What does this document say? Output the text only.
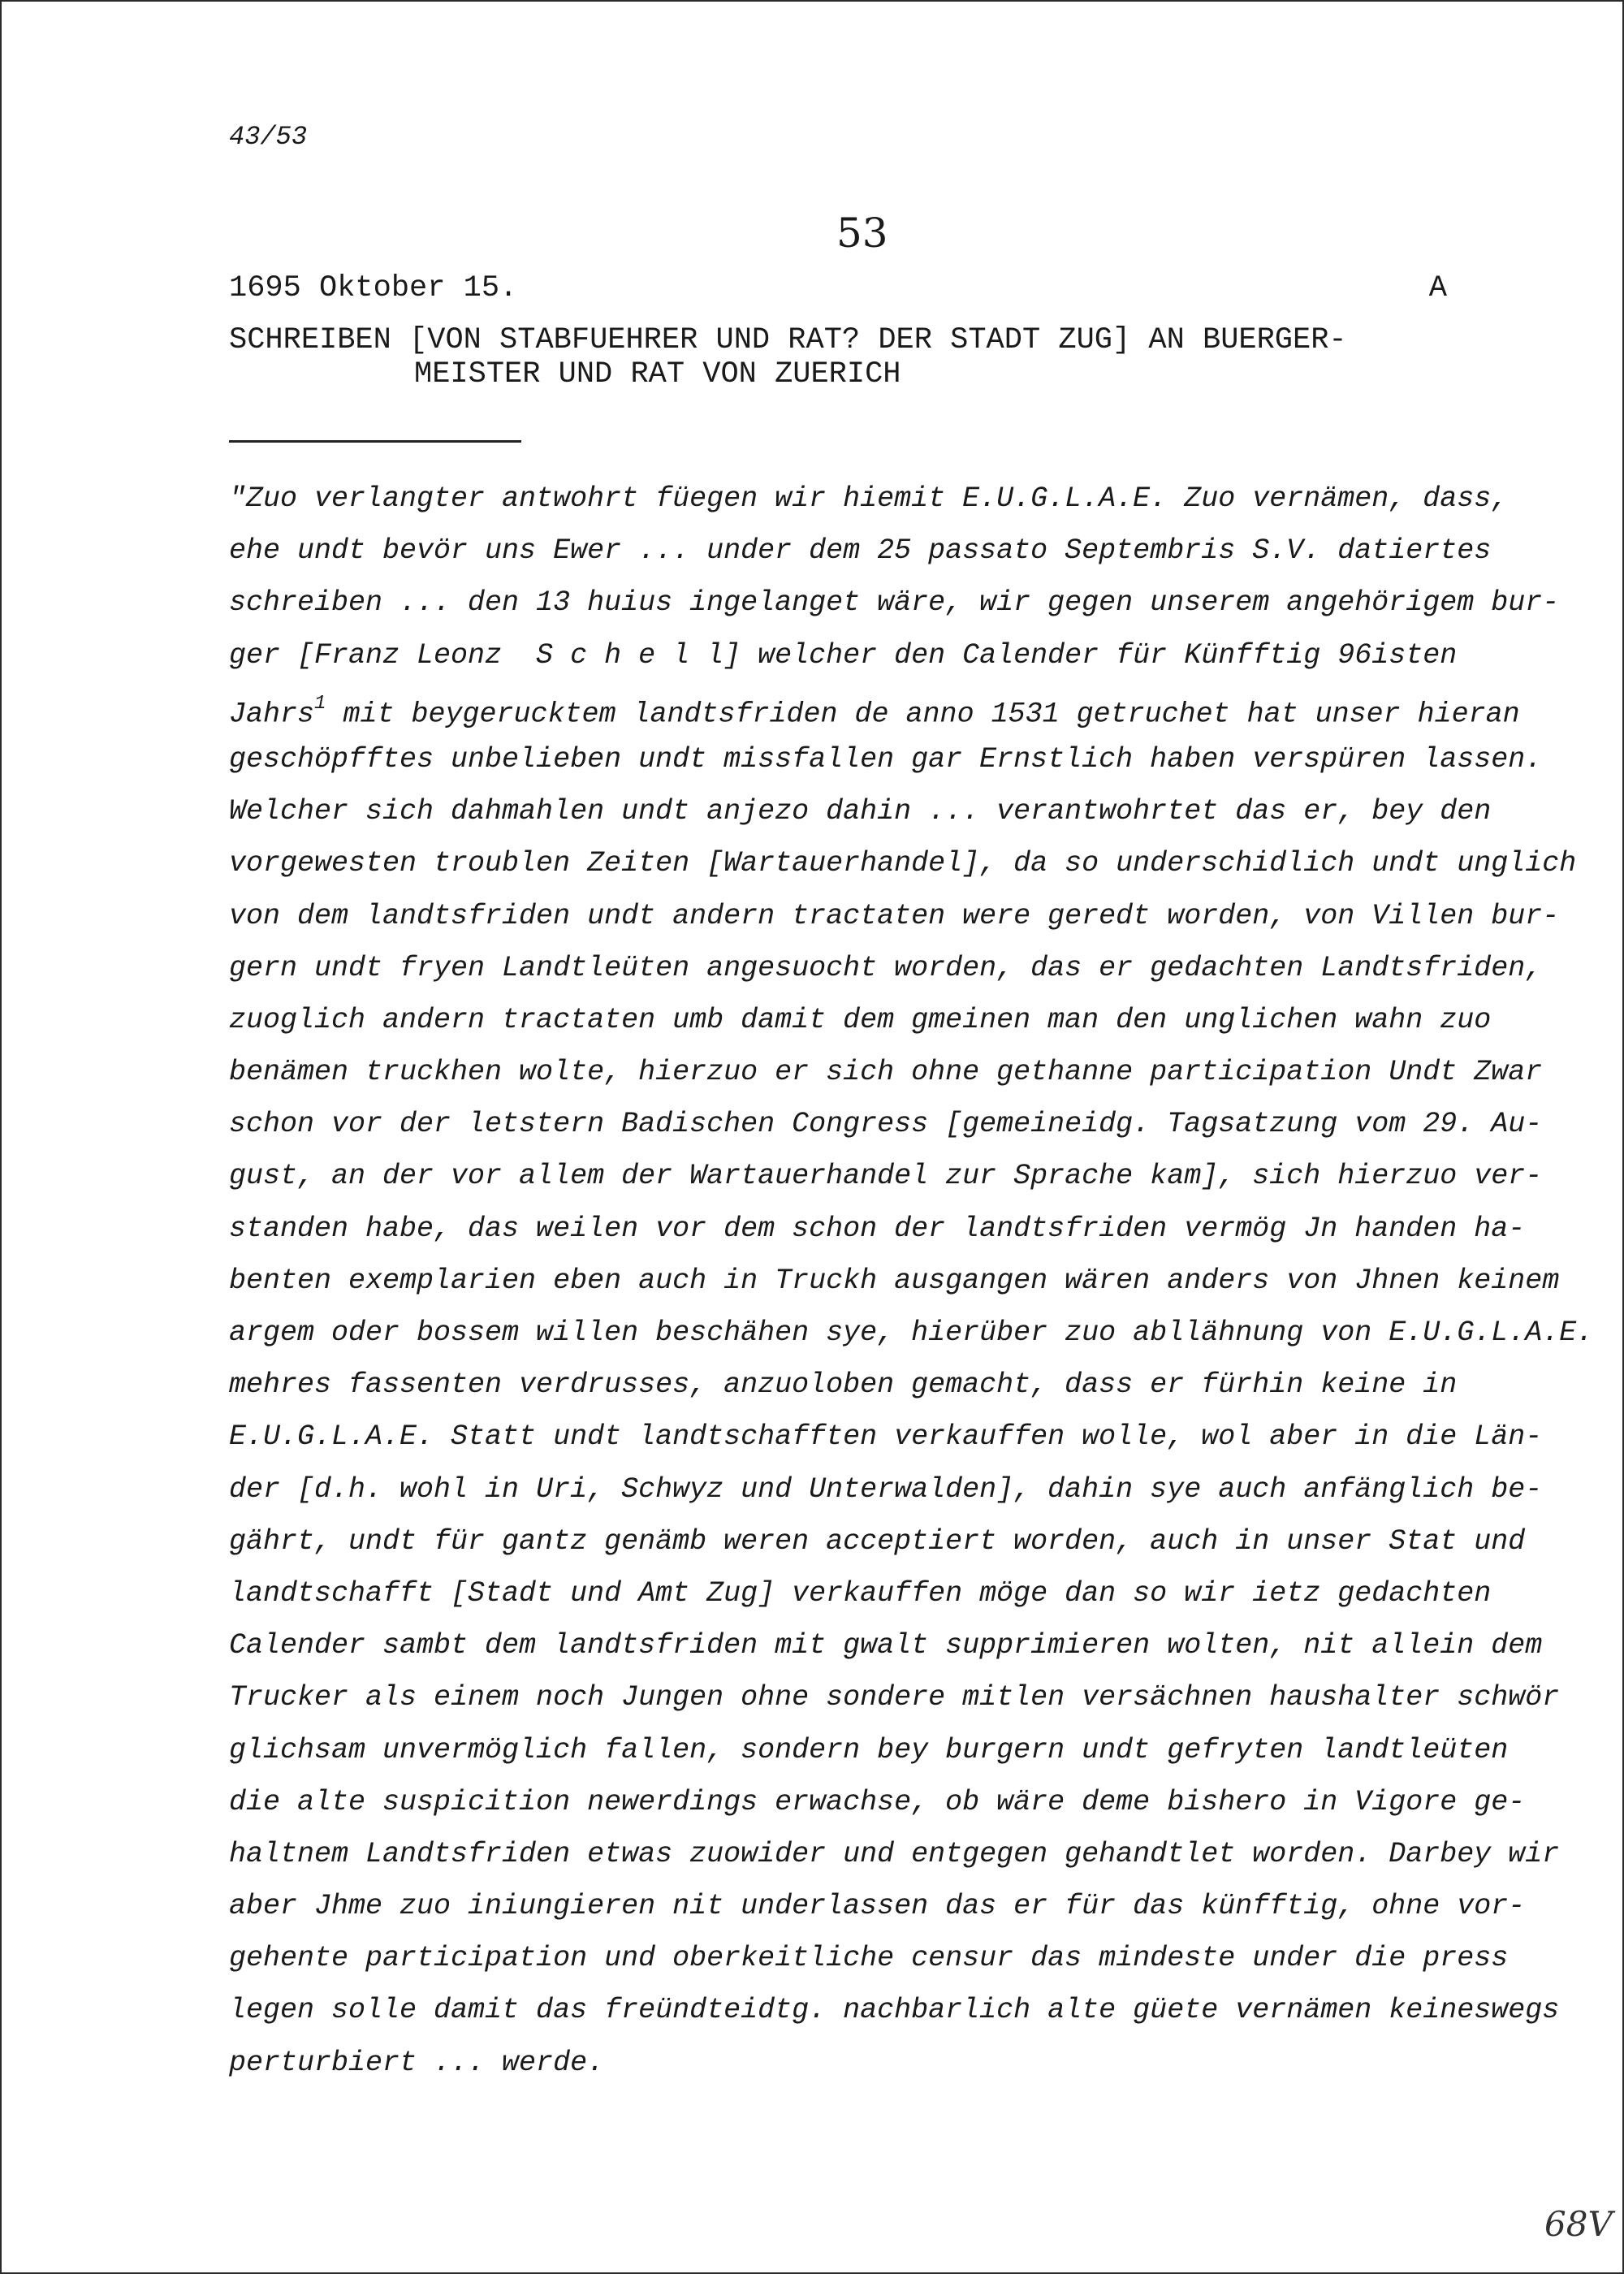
43/53
53
1695 Oktober 15.	A
SCHREIBEN [VON STABFUEHRER UND RAT? DER STADT ZUG] AN BUERGER-
MEISTER UND RAT VON ZUERICH
"Zuo verlangter antwohrt füegen wir hiemit E.U.G.L.A.E. Zuo vernämen, dass,
ehe undt bevör uns Ewer ... under dem 25 passato Septembris S.V. datiertes
schreiben ... den 13 huius ingelanget wäre, wir gegen unserem angehörigem bur-
ger [Franz Leonz  S c h e l l] welcher den Calender für Künfftig 96isten
Jahrs$^1$ mit beygerucktem landtsfriden de anno 1531 getruchet hat unser hieran
geschöpfftes unbelieben undt missfallen gar Ernstlich haben verspüren lassen.
Welcher sich dahmahlen undt anjezo dahin ... verantwohrtet das er, bey den
vorgewesten troublen Zeiten [Wartauerhandel], da so underschidlich undt unglich
von dem landtsfriden undt andern tractaten were geredt worden, von Villen bur-
gern undt fryen Landtleüten angesuocht worden, das er gedachten Landtsfriden,
zuoglich andern tractaten umb damit dem gmeinen man den unglichen wahn zuo
benämen truckhen wolte, hierzuo er sich ohne gethanne participation Undt Zwar
schon vor der letstern Badischen Congress [gemeineidg. Tagsatzung vom 29. Au-
gust, an der vor allem der Wartauerhandel zur Sprache kam], sich hierzuo ver-
standen habe, das weilen vor dem schon der landtsfriden vermög Jn handen ha-
benten exemplarien eben auch in Truckh ausgangen wären anders von Jhnen keinem
argem oder bossem willen beschähen sye, hierüber zuo abllähnung von E.U.G.L.A.E.
mehres fassenten verdrusses, anzuoloben gemacht, dass er fürhin keine in
E.U.G.L.A.E. Statt undt landtschafften verkauffen wolle, wol aber in die Län-
der [d.h. wohl in Uri, Schwyz und Unterwalden], dahin sye auch anfänglich be-
gährt, undt für gantz genämb weren acceptiert worden, auch in unser Stat und
landtschafft [Stadt und Amt Zug] verkauffen möge dan so wir ietz gedachten
Calender sambt dem landtsfriden mit gwalt supprimieren wolten, nit allein dem
Trucker als einem noch Jungen ohne sondere mitlen versächnen haushalter schwör
glichsam unvermöglich fallen, sondern bey burgern undt gefryten landtleüten
die alte suspicition newerdings erwachse, ob wäre deme bishero in Vigore ge-
haltnem Landtsfriden etwas zuowider und entgegen gehandtlet worden. Darbey wir
aber Jhme zuo iniungieren nit underlassen das er für das künfftig, ohne vor-
gehente participation und oberkeitliche censur das mindeste under die press
legen solle damit das freündteidtg. nachbarlich alte güete vernämen keineswegs
perturbiert ... werde.
68V
